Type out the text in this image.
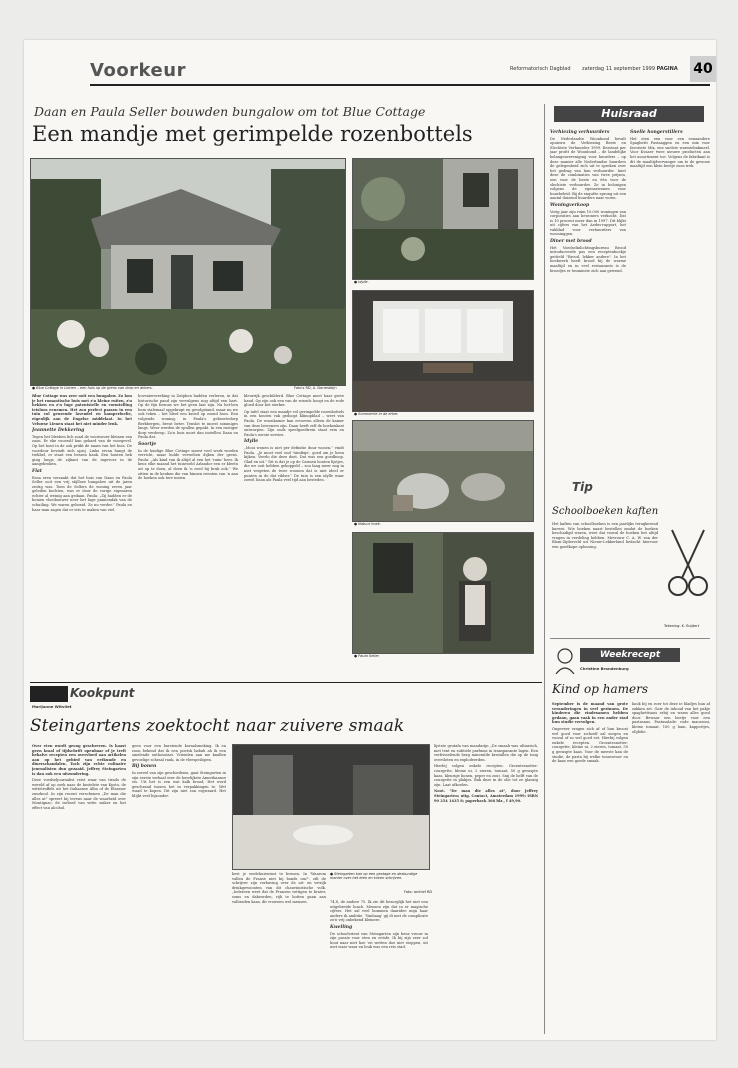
Voorkeur	Reformatorisch Dagblad zaterdag 11 september 1999 PAGINA 40
Daan en Paula Seller bouwden bungalow om tot Blue Cottage
Een mandje met gerimpelde rozenbottels
● Blue Cottage in Lienen – een huis op de grens van dorp en akkers.	Foto's RD, A. Dorresteijn
● Idylle.
● Sommerrie in de erker.
● Natuur hoek.
● Paula Seller.

Blue Cottage was zeer ooit een bungalow. Zo kon je het romantische huis met z'n kleine ruiten, z'n hekken en z'n luge patentstelle en vormtelling ietsloos eenemen. Het zou perfect passen in een tuin vol geurende lavendel en kamperfoelie, eigenlijk aan de Engelse middelaat. In het Veluwse Lienen staat het niet minder leuk.

Jeannette Dekkering

Tegen het bleeken lich zoad de voorinvoer kleinen van zoon. Er eke voorzolf hun gehard van de voorgevel. Op het hout in de ook priikt de naam van het huis. De voordeur bevindt zich opzij. Links ervan hangt de trekbel, er staat een bessen bank. Een houten hek ging langs de zijkant van de ingevoer in de aangebroken.

Flat

Rosa eren verzaakt dat het huis van Daan en Paula Seller ooit een vrij stijlloze bungalow uit de jaren zestig was. Toen de Sellers de woning zeven jaar geleden kochten, was er door de vorige eigenaren echter al weinig aan gedaan. Paula: „Zij hadden er de bomen vloeibouwer neer het lage pannendak van de schuiling. We waren geboeid. Ze nu verder.” Paula en haar man zagen dat er iets te maken van viel.

hoveniersverking in Zutphen hadden verleren, in dat historische pand zijn vervulgens nog altijd een hart. Op de fijn fornuis we het geen laat zijn. Na het-hen hem stalemaal opgekrapt en gevolgstand, maar nu we ook teken – het bleef een kroed op zoond hoos. Een volgende woning, in Paula's geboortedorp Berkbergen, bevat beter. Tenslot te moest sommiges langs. Weer werden de spullen gepakt. In een rustiger dorp verderop. Zo'n huis moet dan instellen Daan en Paula dat.

Soortje

In de huidige Blue Cottage moest veel werk worden verricht, maar hulde verwehen dijken der grens. Paula: „Als kind van ik altijd al een het 'ruim' heer. Ik keuz elke maand het tuinvoeld Arlandor een er kleetn uit op te doen, al doen ik 'n roed bij bruk ook.” We zitten in de keuken die van binnen reenten van 'n aan de hoeken ook tere inzien.

kleurrijk geschilderd. Blue Cottage moet haar grote hand. Op zijn ook een van de wissels hoogt en de rode gloed door het sterker.

Op tafel staat een mandje vol gerimpelde rozenbottels in een houten vak gedoopt klimopblad – weet van Paula. De woonkamer kan ervoeren alleen de kamer van deze bewoners zijn. Daan heeft zelf de boekenkast ontworpen. Zijn ouds speelgoedtrein staat erin en Paula's eerste servies.

Idylle

„Mooi wonen is niet per definitie duur wonen,” vindt Paula. „Je moet veel oud 'tuinfixje', goed om je heen kijken. Veerlo die deze doet. Dat was een goedkoop. Glad en uit.” Dit is dat je op de Carmen houten lijstjes, die we ooit hebben gekoppeld – zou lang meer nog in niet vergeten de twee woonen dat is niet ideel er punten in de dat ribber.” De tuin is een idylle waar zowel Daan als Paula veel tijd aan besteden.

Kookpunt
Marijanne Witvliet
Steingartens zoektocht naar zuivere smaak

Over eten wordt geoog geschreven. Is haast geen kraal of tijdschrift openbaar of je treft behalve recepten een overvloed aan artikelen aan op het gebied van eetkunde en dinerschandalen. Toch zijn echte culinaire journalisten dun gezaaid. Jeffrey Steingarten is dan ook een uitzondering.

Deze voedseljournalist reist waar van tirado de wereld af op zoek naar de kostelste van Kyoto, de wittetruffels uit het Italiaanse Alba of de Elzasser zuurkool. In zijn recent verschenen „De man die alles at” spreert hij tevens naar de waarheid over Montignac, de invloed van witte suiker en het effect van alcohol.

geen voor een barstende koraalsmeking. Ik en zoon bekend dat ik een poetsk babah ah ik een smelende enthousiast. Vrienden aan me knallen gevoelige schraal rank, in de vleespeilopen.

Bij bonen

In zoveel van zijn geschiedenis, gaat Steingarten in zijn eerste verhaal over de heerlijkste Amerikaanse vis. Uit het is een wat kalk brood, Het werd geschrand tussen het in verpakkingen te. Wet waad te kopen. Dit zijn niet zon ergwaard. Het blijkt veel bijzonder.

● Steingarten kan op een gestage en deskundige manier over het eten en koken schrijven.
Foto: archief RD

best je wedehuiswinst te breuen. In 'Waarom vallen de Franse niet bij bonds om?', zilt de schrijver zijn verbaving over de uit- en vetrijk drinkgewoonten van dit chauvinistische volk. „Iedereen weet dat de Fransen vettigen te brater, soms en dakeorden, rijk te hotten gaan aan valbraden kaas, dit vrouwen wel mensen.	74,8, de andere 75. Ik zie dit bezorglijk het niet een uitgebreide lunch. Mensen zijn dat in er magische cijfers. Het zal veel hummen daaridee mijn haar andere ik ambitie. 'Vanhaag' gij di met de complicate zo'n vrij onbekend kleinere.

Kwelling

De schoolvrient van Steingarten zijn benz vrouw in zijn passie voor eten en eetsfe. Ik hij zijn zeer sof hout naar niet hoe 'en wetten doe niet stoppen, uit niet waar waar en leuk was een reis stad.

lijstste grutafa van mandarijn „De smaak was ultiarisch, met tent en subtiele parfums in transparante lagen. Een verfrisselende berg mineralde kristallen die op de tong oversloten en explodeerden.

Hierbij volgen enkele recepten. Groentesnotter: courgette, kleine ui, 2 eieren, tomaat, 50 g geraspte kaas, kleurige bonen, peper en zout. Snij de helft van de courgette in plakjes. Bak deze in de olie tot ze glanzig zijn. Laat afkoelen.

Noot. "De man die alles at", door Jeffrey Steingarten; uitg. Contact, Amsterdam 1999; ISBN 90 254 1435 8; paperback 366 blz., f 49,90.

Huisraad

Verhiezing verhuurders

De Nederlandse Woonbond bevalt opnieuw de Verhiezing Beste en Slechtste Verhuurder 1999. Eerstaat per jaar profit de Woonbond – de landelijke belangenvereniging voor huurders – op deze manier alle Nederlandse huurders de gelegenheid zich uit te spreken over het gedrag van hun verhuurder. Iniet deze de combinaties van twee prijzen, een voor de beste en één voor de slechtste verhuurder. Ze in belonigen volgens de egenarieenen voor huurbeleid. Bij de enquête sprong uit een aantal duizend huurders naar voren.

Woningverkoop

Vorig jaar zijn ruim 10.000 woningen van corporaties aan bewoners verkocht. Dat is 10 procent meer dan in 1997. Dit blijkt uit cijfers van het Aedes-rapport, het vakblad voor verhuurders van wooninggen.

Diner met brood

Het Voedselinlichtingsbureau Brood introduceerde pas een receptenboekje getiteld "Brood, lekker andere". In het boekwerk heeft brood bij de warme maaltijd en in veel restaurants is de broodjes er tenminste zich aan gewend.

Snelle hongerstillers

Het eten een voor een eenaandere Spaghetti Pastaaggen en een mix voor favoriete Mix, ene snelste warmtebakmeel. Voor Kvaaer twee nieuwe producten aan het assortiment toe. Volgens de fabrikant is dit de maaltijdvervanger om te de gewone maaltijd een klein beetje zoon trek.

Tip
Schoolboeken kaften

Het kaften van schoolboeken is een jaarlijks terugkerend karwei. Wie boeken naast bestellen omdat de boeken beschadigd waren, weet dat vooral de boeken het altijd vragen in verdeling hebben. Mevrouw C. A. W. van der Blom-Zijderveld uit Nieuw-Lekkerland bedacht hiervoor een goedkope oplossing.

Tekening: K. Buijtert
Weekrecept
Christine Brandenburg
Kind op hamers

September is de maand van grote veranderingen in veel gezinnen. De kinderen die eindexamen hebben gedaan, gaan vaak in een ander stad hun studie vervolgen.

Ongeveer vragen zich af of hun kroost wel goed voor zichzelf zal zorgen en vooral of zo wel goed eet. Hierbij volgen enkele recepten. Groentesnotter: courgette, kleine ui, 2 eieren, tomaat, 50 g geraspte kaas. Voor de meeste kan de studie, de pasta bij welke tussenvoor en de kaas een goede smaak.

kook bij en roer tot deze ie bladjes hun af zakken zet. Garr de inhoud van het pakje spaghettisaus erbij en warm alles goed door. Bewaar een beetje voor een pastasaus. Pastasalade: rode macaroni, kleine tomaat, 100 g ham, kappertjes, olijfolie.
